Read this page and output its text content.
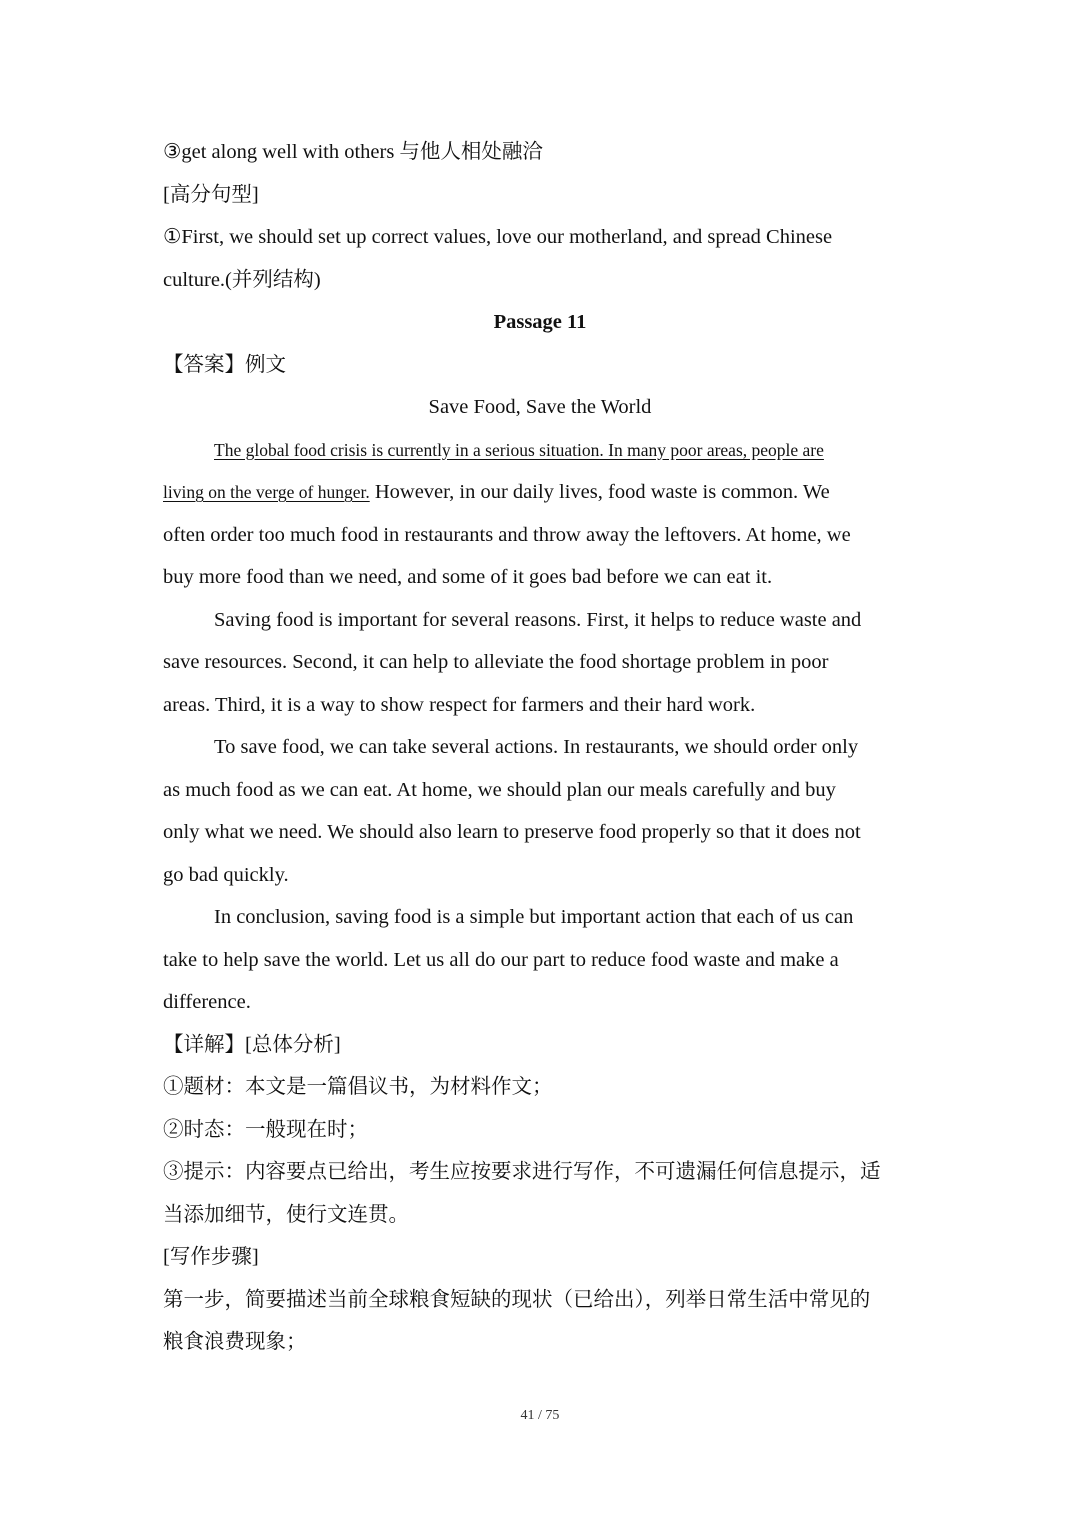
③get along well with others 与他人相处融洽
[高分句型]
①First, we should set up correct values, love our motherland, and spread Chinese
culture.(并列结构)
Passage 11
【答案】例文
Save Food, Save the World
The global food crisis is currently in a serious situation. In many poor areas, people are
living on the verge of hunger. However, in our daily lives, food waste is common. We
often order too much food in restaurants and throw away the leftovers. At home, we
buy more food than we need, and some of it goes bad before we can eat it.
Saving food is important for several reasons. First, it helps to reduce waste and
save resources. Second, it can help to alleviate the food shortage problem in poor
areas. Third, it is a way to show respect for farmers and their hard work.
To save food, we can take several actions. In restaurants, we should order only
as much food as we can eat. At home, we should plan our meals carefully and buy
only what we need. We should also learn to preserve food properly so that it does not
go bad quickly.
In conclusion, saving food is a simple but important action that each of us can
take to help save the world. Let us all do our part to reduce food waste and make a
difference.
【详解】[总体分析]
①题材：本文是一篇倡议书，为材料作文；
②时态：一般现在时；
③提示：内容要点已给出，考生应按要求进行写作，不可遗漏任何信息提示，适
当添加细节，使行文连贯。
[写作步骤]
第一步，简要描述当前全球粮食短缺的现状（已给出），列举日常生活中常见的
粮食浪费现象；
41 / 75
